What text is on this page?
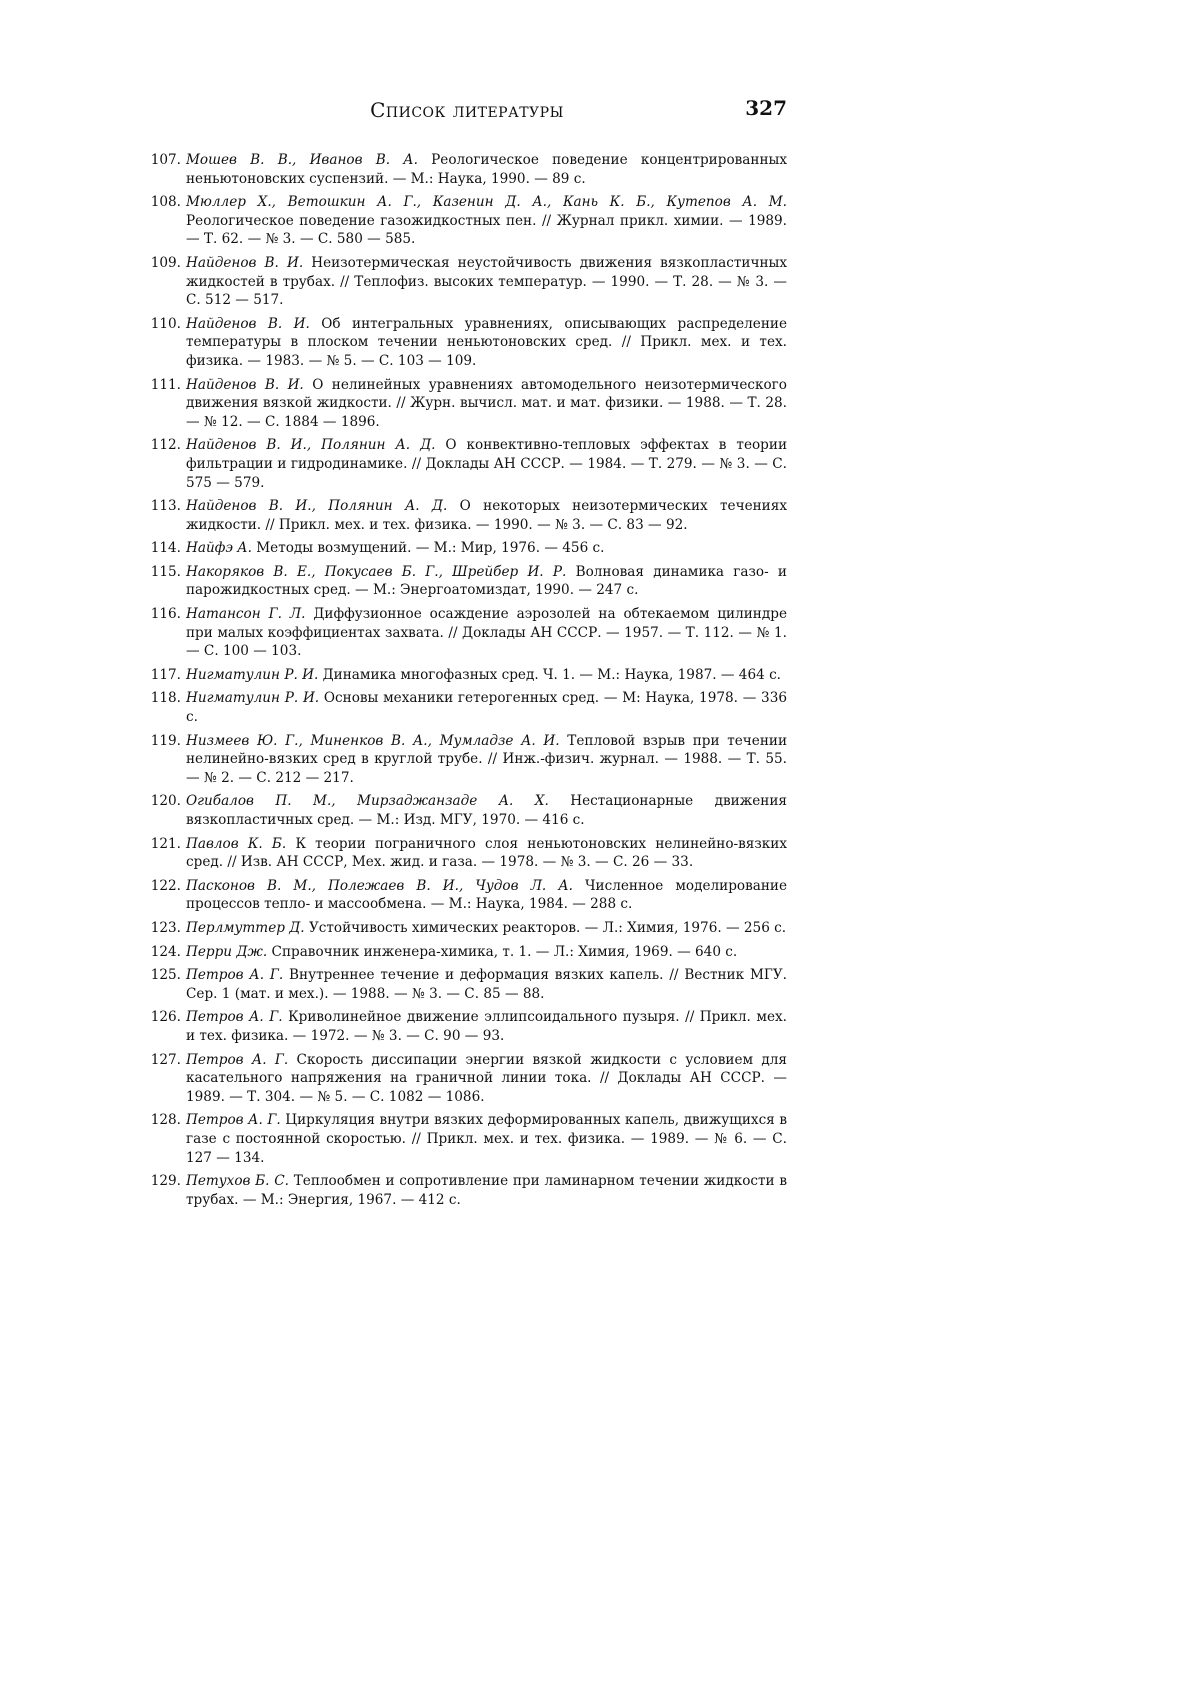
Список литературы	327

107. Мошев В. В., Иванов В. А. Реологическое поведение концентрированных неньютоновских суспензий. — М.: Наука, 1990. — 89 с.

108. Мюллер X., Ветошкин А. Г., Казенин Д. А., Кань К. Б., Кутепов А. М. Реологическое поведение газожидкостных пен. // Журнал прикл. химии. — 1989. — Т. 62. — № 3. — С. 580 — 585.

109. Найденов В. И. Неизотермическая неустойчивость движения вязкопластичных жидкостей в трубах. // Теплофиз. высоких температур. — 1990. — Т. 28. — № 3. — С. 512 — 517.

110. Найденов В. И. Об интегральных уравнениях, описывающих распределение температуры в плоском течении неньютоновских сред. // Прикл. мех. и тех. физика. — 1983. — № 5. — С. 103 — 109.

111. Найденов В. И. О нелинейных уравнениях автомодельного неизотермического движения вязкой жидкости. // Журн. вычисл. мат. и мат. физики. — 1988. — Т. 28. — № 12. — С. 1884 — 1896.

112. Найденов В. И., Полянин А. Д. О конвективно-тепловых эффектах в теории фильтрации и гидродинамике. // Доклады АН СССР. — 1984. — Т. 279. — № 3. — С. 575 — 579.

113. Найденов В. И., Полянин А. Д. О некоторых неизотермических течениях жидкости. // Прикл. мех. и тех. физика. — 1990. — № 3. — С. 83 — 92.

114. Найфэ А. Методы возмущений. — М.: Мир, 1976. — 456 с.

115. Накоряков В. Е., Покусаев Б. Г., Шрейбер И. Р. Волновая динамика газо- и парожидкостных сред. — М.: Энергоатомиздат, 1990. — 247 с.

116. Натансон Г. Л. Диффузионное осаждение аэрозолей на обтекаемом цилиндре при малых коэффициентах захвата. // Доклады АН СССР. — 1957. — Т. 112. — № 1. — С. 100 — 103.

117. Нигматулин Р. И. Динамика многофазных сред. Ч. 1. — М.: Наука, 1987. — 464 с.

118. Нигматулин Р. И. Основы механики гетерогенных сред. — М: Наука, 1978. — 336 с.

119. Низмеев Ю. Г., Миненков В. А., Мумладзе А. И. Тепловой взрыв при течении нелинейно-вязких сред в круглой трубе. // Инж.-физич. журнал. — 1988. — Т. 55. — № 2. — С. 212 — 217.

120. Огибалов П. М., Мирзаджанзаде А. Х. Нестационарные движения вязкопластичных сред. — М.: Изд. МГУ, 1970. — 416 с.

121. Павлов К. Б. К теории пограничного слоя неньютоновских нелинейно-вязких сред. // Изв. АН СССР, Мех. жид. и газа. — 1978. — № 3. — С. 26 — 33.

122. Пасконов В. М., Полежаев В. И., Чудов Л. А. Численное моделирование процессов тепло- и массообмена. — М.: Наука, 1984. — 288 с.

123. Перлмуттер Д. Устойчивость химических реакторов. — Л.: Химия, 1976. — 256 с.

124. Перри Дж. Справочник инженера-химика, т. 1. — Л.: Химия, 1969. — 640 с.

125. Петров А. Г. Внутреннее течение и деформация вязких капель. // Вестник МГУ. Сер. 1 (мат. и мех.). — 1988. — № 3. — С. 85 — 88.

126. Петров А. Г. Криволинейное движение эллипсоидального пузыря. // Прикл. мех. и тех. физика. — 1972. — № 3. — С. 90 — 93.

127. Петров А. Г. Скорость диссипации энергии вязкой жидкости с условием для касательного напряжения на граничной линии тока. // Доклады АН СССР. — 1989. — Т. 304. — № 5. — С. 1082 — 1086.

128. Петров А. Г. Циркуляция внутри вязких деформированных капель, движущихся в газе с постоянной скоростью. // Прикл. мех. и тех. физика. — 1989. — № 6. — С. 127 — 134.

129. Петухов Б. С. Теплообмен и сопротивление при ламинарном течении жидкости в трубах. — М.: Энергия, 1967. — 412 с.
